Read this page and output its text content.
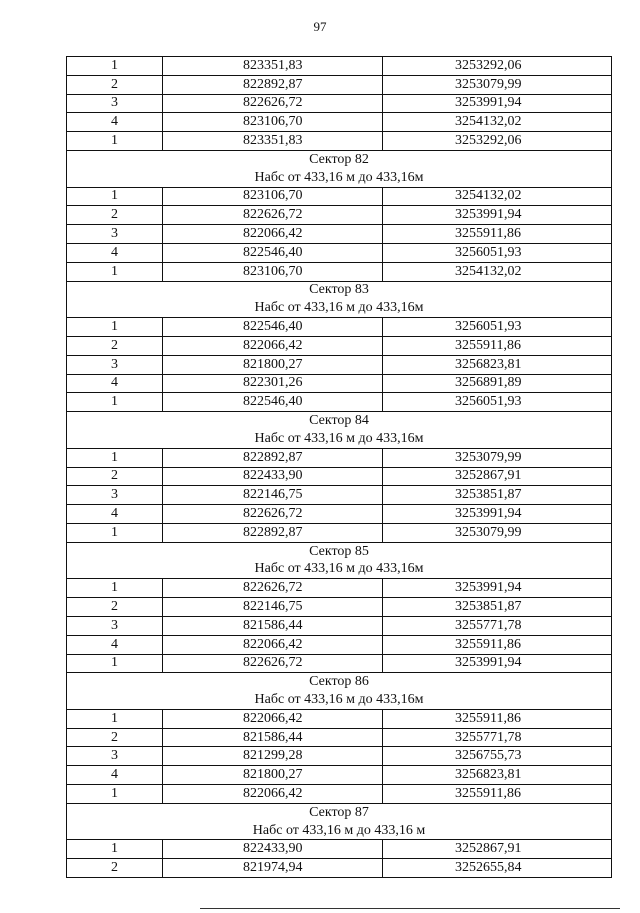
97
1	823351,83	3253292,06
2	822892,87	3253079,99
3	822626,72	3253991,94
4	823106,70	3254132,02
1	823351,83	3253292,06
Сектор 82		
Набс от 433,16 м до 433,16м		
1	823106,70	3254132,02
2	822626,72	3253991,94
3	822066,42	3255911,86
4	822546,40	3256051,93
1	823106,70	3254132,02
Сектор 83		
Набс от 433,16 м до 433,16м		
1	822546,40	3256051,93
2	822066,42	3255911,86
3	821800,27	3256823,81
4	822301,26	3256891,89
1	822546,40	3256051,93
Сектор 84		
Набс от 433,16 м до 433,16м		
1	822892,87	3253079,99
2	822433,90	3252867,91
3	822146,75	3253851,87
4	822626,72	3253991,94
1	822892,87	3253079,99
Сектор 85		
Набс от 433,16 м до 433,16м		
1	822626,72	3253991,94
2	822146,75	3253851,87
3	821586,44	3255771,78
4	822066,42	3255911,86
1	822626,72	3253991,94
Сектор 86		
Набс от 433,16 м до 433,16м		
1	822066,42	3255911,86
2	821586,44	3255771,78
3	821299,28	3256755,73
4	821800,27	3256823,81
1	822066,42	3255911,86
Сектор 87		
Набс от 433,16 м до 433,16 м		
1	822433,90	3252867,91
2	821974,94	3252655,84
